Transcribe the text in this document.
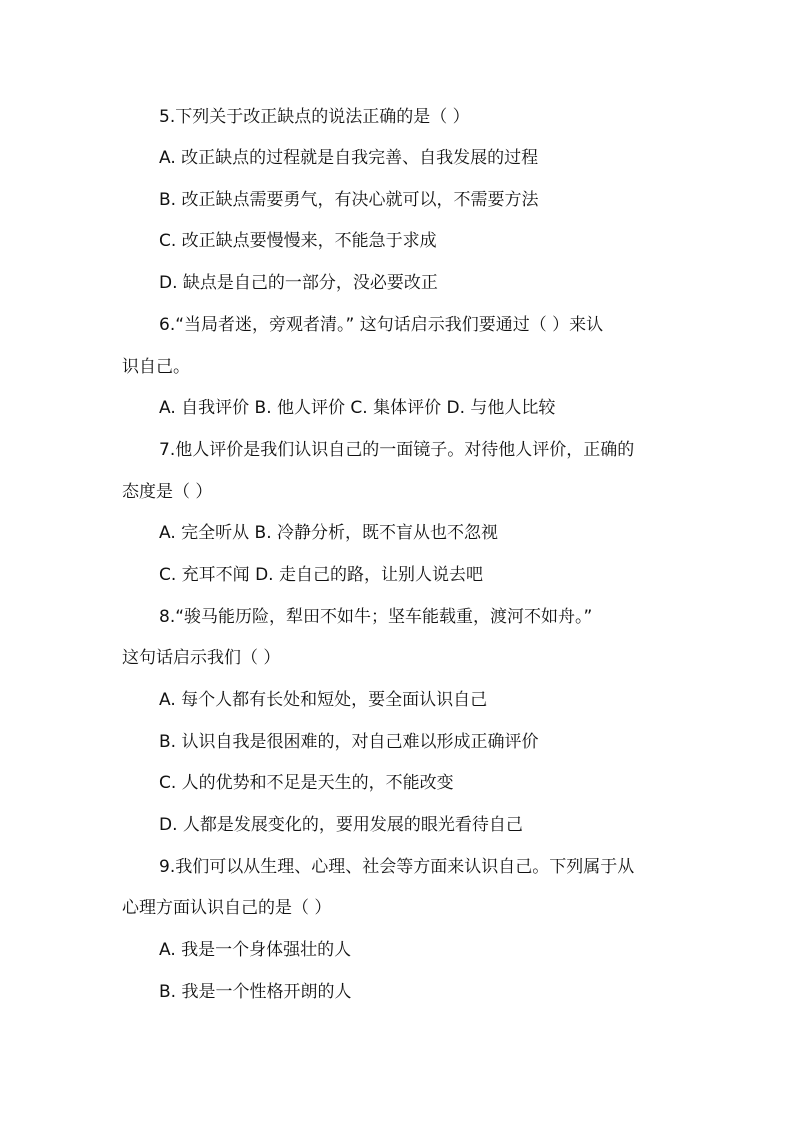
5.下列关于改正缺点的说法正确的是（ ）
A. 改正缺点的过程就是自我完善、自我发展的过程
B. 改正缺点需要勇气，有决心就可以，不需要方法
C. 改正缺点要慢慢来，不能急于求成
D. 缺点是自己的一部分，没必要改正
6.“当局者迷，旁观者清。” 这句话启示我们要通过（ ）来认
识自己。
A. 自我评价 B. 他人评价 C. 集体评价 D. 与他人比较
7.他人评价是我们认识自己的一面镜子。对待他人评价，正确的
态度是（ ）
A. 完全听从 B. 冷静分析，既不盲从也不忽视
C. 充耳不闻 D. 走自己的路，让别人说去吧
8.“骏马能历险，犁田不如牛；坚车能载重，渡河不如舟。”
这句话启示我们（ ）
A. 每个人都有长处和短处，要全面认识自己
B. 认识自我是很困难的，对自己难以形成正确评价
C. 人的优势和不足是天生的，不能改变
D. 人都是发展变化的，要用发展的眼光看待自己
9.我们可以从生理、心理、社会等方面来认识自己。下列属于从
心理方面认识自己的是（ ）
A. 我是一个身体强壮的人
B. 我是一个性格开朗的人
